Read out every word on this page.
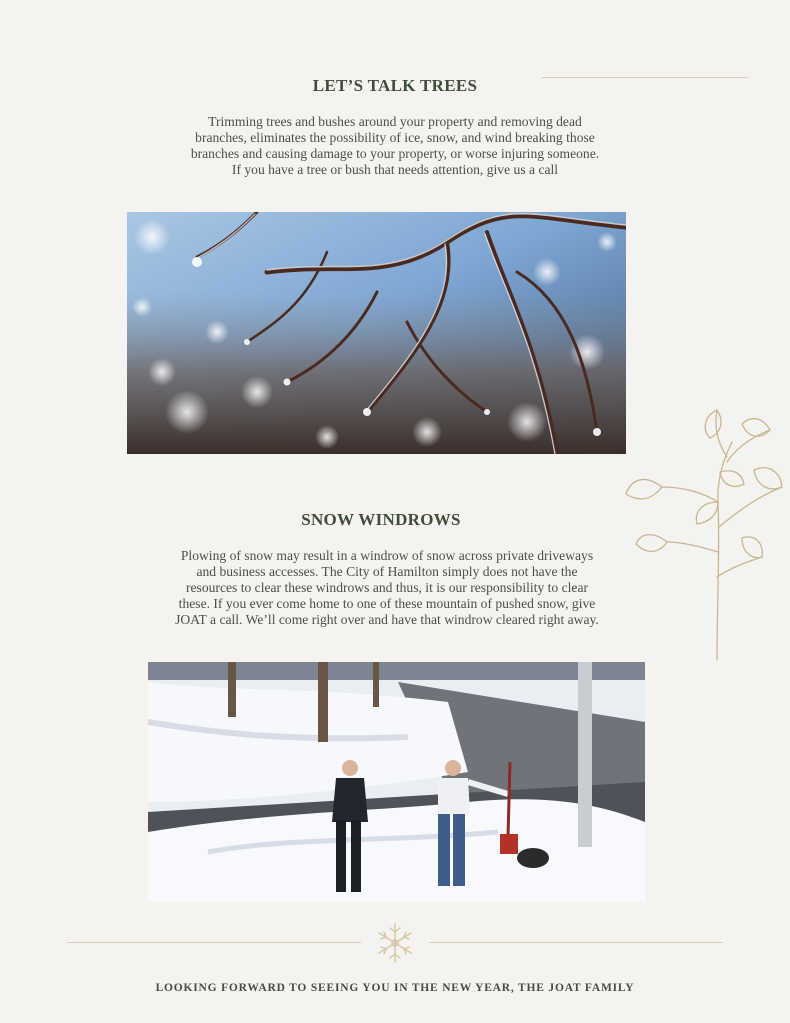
LET’S TALK TREES

Trimming trees and bushes around your property and removing dead branches, eliminates the possibility of ice, snow, and wind breaking those branches and causing damage to your property, or worse injuring someone.

If you have a tree or bush that needs attention, give us a call

SNOW WINDROWS

Plowing of snow may result in a windrow of snow across private driveways and business accesses. The City of Hamilton simply does not have the resources to clear these windrows and thus, it is our responsibility to clear these. If you ever come home to one of these mountain of pushed snow, give JOAT a call. We’ll come right over and have that windrow cleared right away.

LOOKING FORWARD TO SEEING YOU IN THE NEW YEAR, THE JOAT FAMILY
